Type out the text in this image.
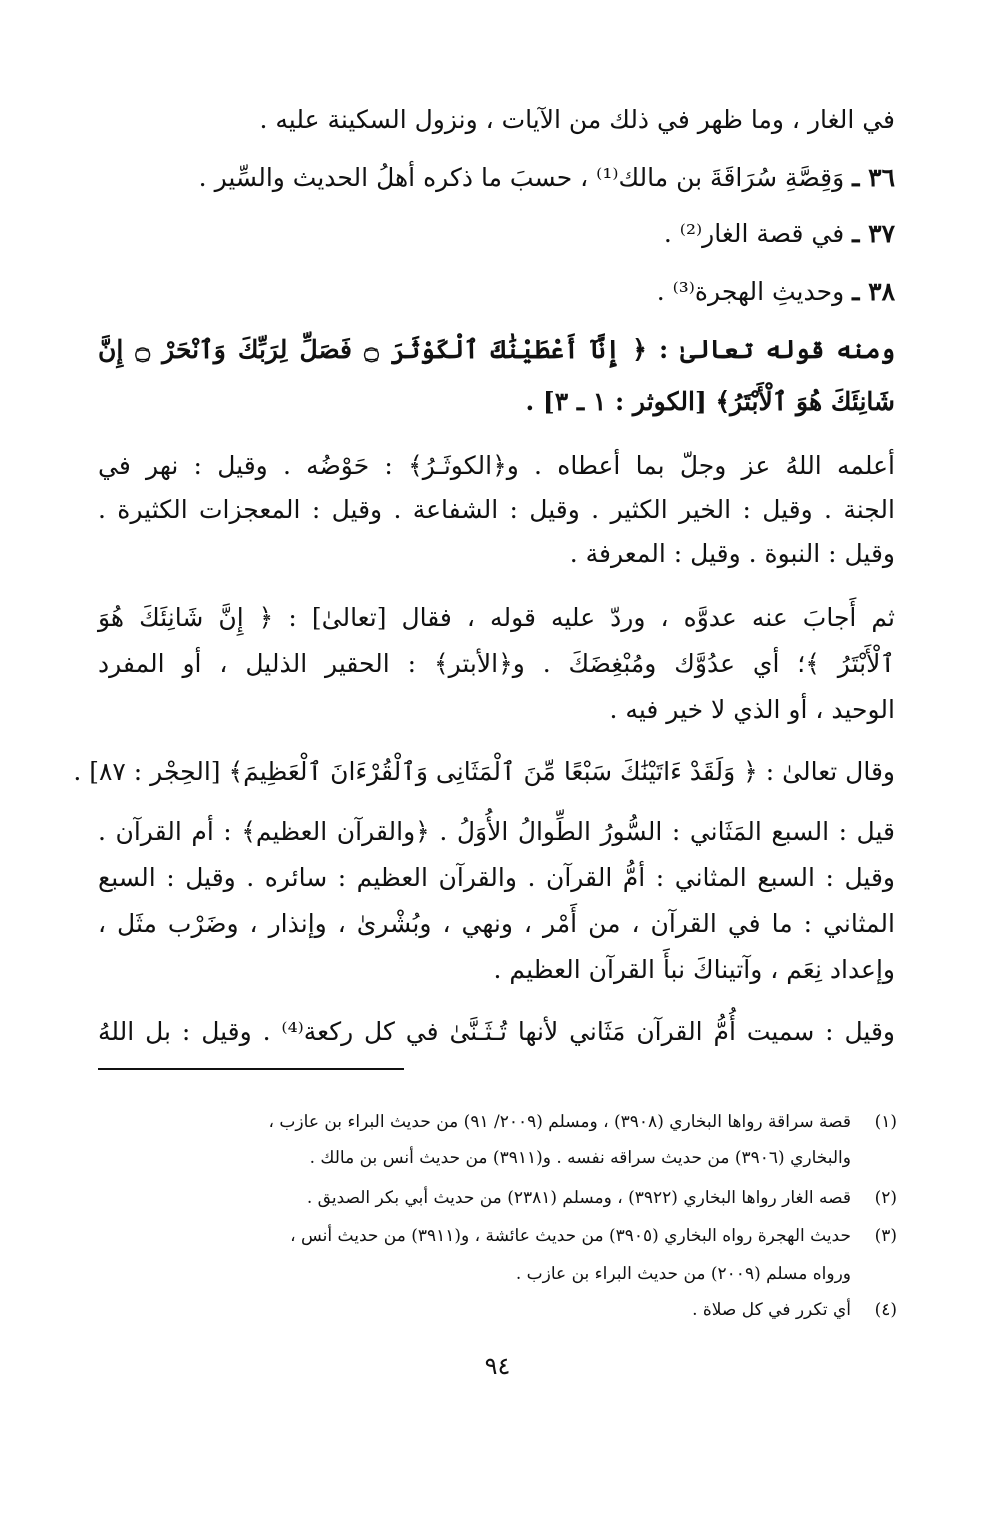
في الغار ، وما ظهر في ذلك من الآيات ، ونزول السكينة عليه .
٣٦ ـ وَقِصَّةِ سُرَاقَةَ بن مالك⁽¹⁾ ، حسبَ ما ذكره أهلُ الحديث والسِّير .
٣٧ ـ في قصة الغار⁽²⁾ .
٣٨ ـ وحديثِ الهجرة⁽³⁾ .
ومنه قوله تعالىٰ : ﴿ إِنَّآ أَعْطَيْنَٰكَ ٱلْكَوْثَرَ ۝ فَصَلِّ لِرَبِّكَ وَٱنْحَرْ ۝ إِنَّ
شَانِئَكَ هُوَ ٱلْأَبْتَرُ﴾ [الكوثر : ١ ـ ٣] .
أعلمه اللهُ عز وجلّ بما أعطاه . و﴿الكوثَـرُ﴾ : حَوْضُه . وقيل : نهر في
الجنة . وقيل : الخير الكثير . وقيل : الشفاعة . وقيل : المعجزات الكثيرة .
وقيل : النبوة . وقيل : المعرفة .
ثم أَجابَ عنه عدوَّه ، وردّ عليه قوله ، فقال [تعالىٰ] : ﴿ إِنَّ شَانِئَكَ هُوَ
ٱلْأَبْتَرُ ﴾؛ أي عدُوَّك ومُبْغِضَكَ . و﴿الأبتر﴾ : الحقير الذليل ، أو المفرد
الوحيد ، أو الذي لا خير فيه .
وقال تعالىٰ : ﴿ وَلَقَدْ ءَاتَيْنَٰكَ سَبْعًا مِّنَ ٱلْمَثَانِى وَٱلْقُرْءَانَ ٱلْعَظِيمَ﴾ [الحِجْر : ٨٧] .
قيل : السبع المَثَاني : السُّورُ الطِّوالُ الأُوَلُ . ﴿والقرآن العظيم﴾ : أم القرآن .
وقيل : السبع المثاني : أمُّ القرآن . والقرآن العظيم : سائره . وقيل : السبع
المثاني : ما في القرآن ، من أَمْر ، ونهي ، وبُشْرىٰ ، وإنذار ، وضَرْب مثَل ،
وإعداد نِعَم ، وآتيناكَ نبأَ القرآن العظيم .
وقيل : سميت أُمُّ القرآن مَثَاني لأنها تُـثَـنَّىٰ في كل ركعة⁽⁴⁾ . وقيل : بل اللهُ
(١)قصة سراقة رواها البخاري (٣٩٠٨) ، ومسلم (٢٠٠٩/ ٩١) من حديث البراء بن عازب ،
والبخاري (٣٩٠٦) من حديث سراقه نفسه . و(٣٩١١) من حديث أنس بن مالك .
(٢)قصه الغار رواها البخاري (٣٩٢٢) ، ومسلم (٢٣٨١) من حديث أبي بكر الصديق .
(٣)حديث الهجرة رواه البخاري (٣٩٠٥) من حديث عائشة ، و(٣٩١١) من حديث أنس ،
ورواه مسلم (٢٠٠٩) من حديث البراء بن عازب .
(٤)أي تكرر في كل صلاة .
٩٤
